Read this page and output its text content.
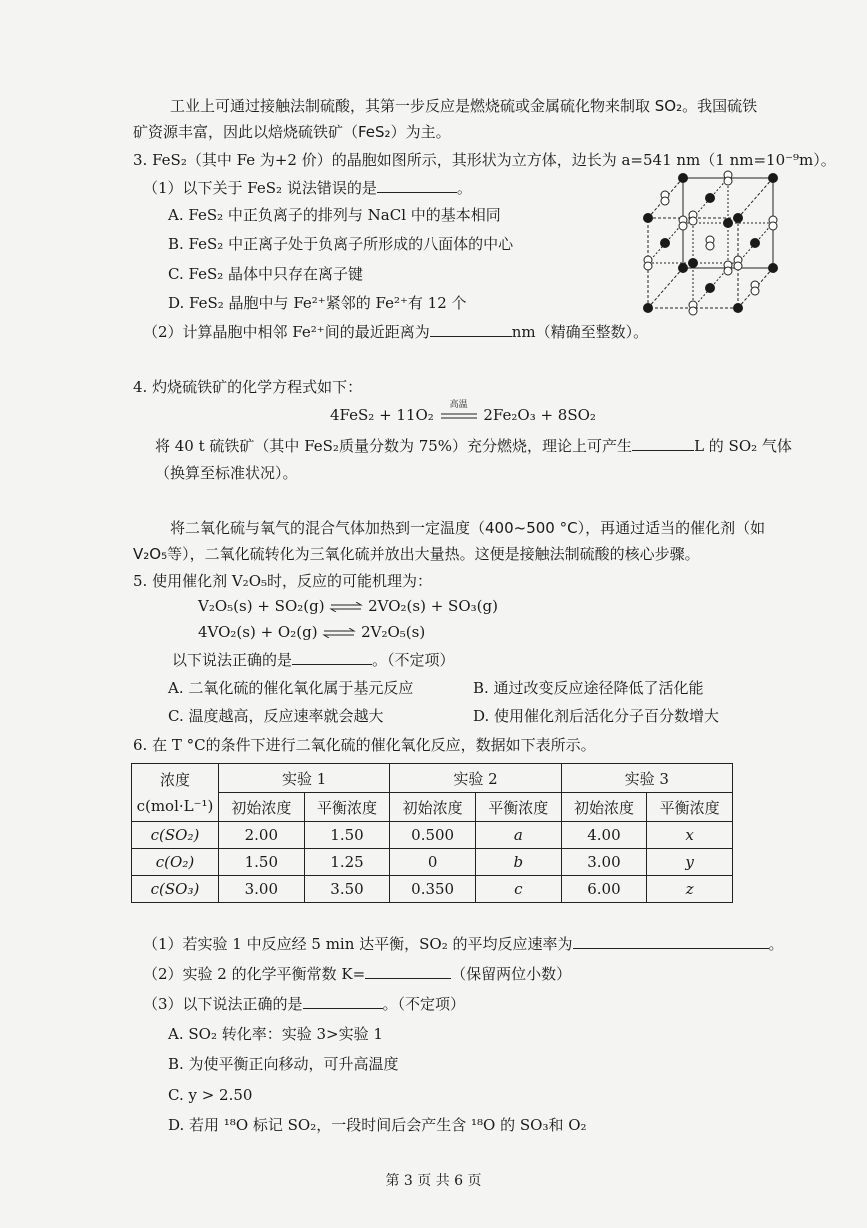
工业上可通过接触法制硫酸，其第一步反应是燃烧硫或金属硫化物来制取 SO₂。我国硫铁
矿资源丰富，因此以焙烧硫铁矿（FeS₂）为主。
3. FeS₂（其中 Fe 为+2 价）的晶胞如图所示，其形状为立方体，边长为 a=541 nm（1 nm=10⁻⁹m）。
（1）以下关于 FeS₂ 说法错误的是	。
A. FeS₂ 中正负离子的排列与 NaCl 中的基本相同
B. FeS₂ 中正离子处于负离子所形成的八面体的中心
C. FeS₂ 晶体中只存在离子键
D. FeS₂ 晶胞中与 Fe²⁺紧邻的 Fe²⁺有 12 个
（2）计算晶胞中相邻 Fe²⁺间的最近距离为	nm（精确至整数）。
4. 灼烧硫铁矿的化学方程式如下：
4FeS₂ + 11O₂
高温
2Fe₂O₃ + 8SO₂
将 40 t 硫铁矿（其中 FeS₂质量分数为 75%）充分燃烧，理论上可产生	L 的 SO₂ 气体
（换算至标准状况）。
将二氧化硫与氧气的混合气体加热到一定温度（400~500 °C），再通过适当的催化剂（如
V₂O₅等），二氧化硫转化为三氧化硫并放出大量热。这便是接触法制硫酸的核心步骤。
5. 使用催化剂 V₂O₅时，反应的可能机理为：
V₂O₅(s) + SO₂(g) ⇌ 2VO₂(s) + SO₃(g)
4VO₂(s) + O₂(g) ⇌ 2V₂O₅(s)
以下说法正确的是	。（不定项）
A. 二氧化硫的催化氧化属于基元反应	B. 通过改变反应途径降低了活化能
C. 温度越高，反应速率就会越大	D. 使用催化剂后活化分子百分数增大
6. 在 T °C的条件下进行二氧化硫的催化氧化反应，数据如下表所示。
浓度
c(mol·L⁻¹)	实验 1		实验 2		实验 3	
	初始浓度	平衡浓度	初始浓度	平衡浓度	初始浓度	平衡浓度
c(SO₂)	2.00	1.50	0.500	a	4.00	x
c(O₂)	1.50	1.25	0	b	3.00	y
c(SO₃)	3.00	3.50	0.350	c	6.00	z
（1）若实验 1 中反应经 5 min 达平衡，SO₂ 的平均反应速率为	。
（2）实验 2 的化学平衡常数 K=	（保留两位小数）
（3）以下说法正确的是	。（不定项）
A. SO₂ 转化率：实验 3>实验 1
B. 为使平衡正向移动，可升高温度
C. y > 2.50
D. 若用 ¹⁸O 标记 SO₂，一段时间后会产生含 ¹⁸O 的 SO₃和 O₂
第 3 页 共 6 页
